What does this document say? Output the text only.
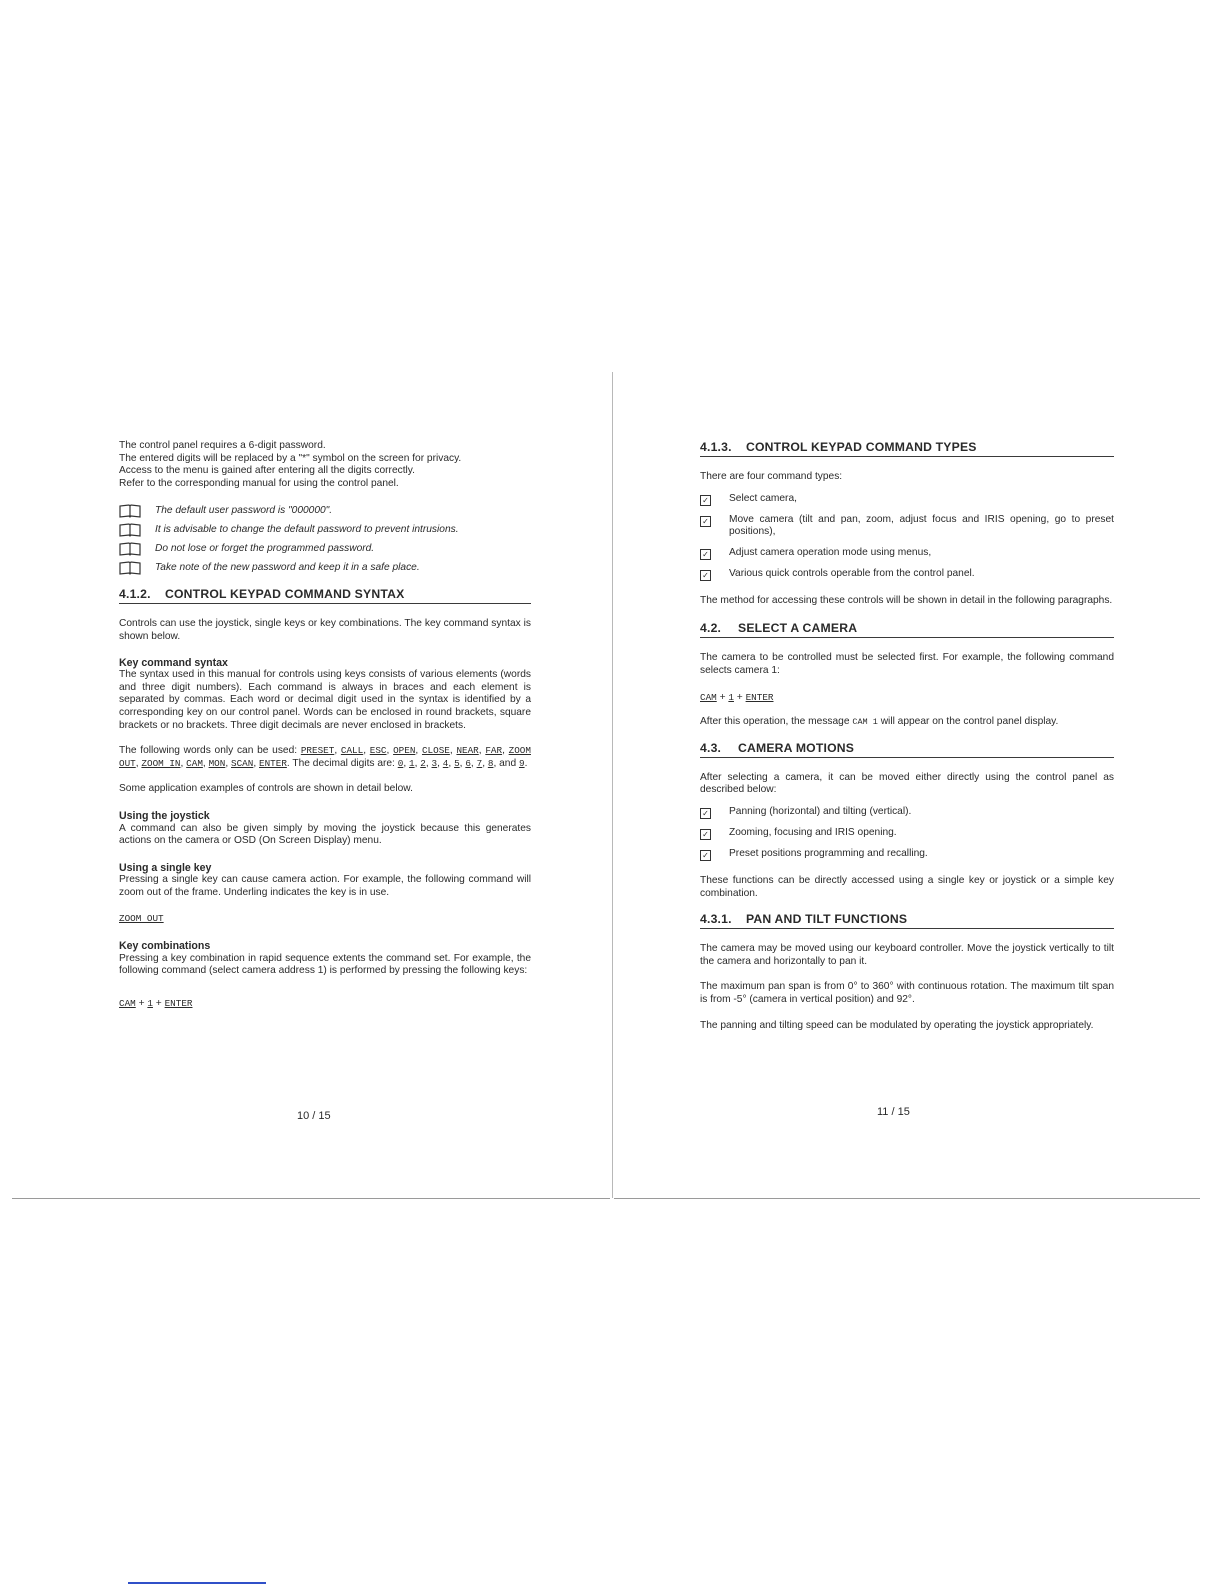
The control panel requires a 6-digit password.

The entered digits will be replaced by a "*" symbol on the screen for privacy.

Access to the menu is gained after entering all the digits correctly.

Refer to the corresponding manual for using the control panel.

The default user password is "000000".

It is advisable to change the default password to prevent intrusions.

Do not lose or forget the programmed password.

Take note of the new password and keep it in a safe place.

4.1.2. CONTROL KEYPAD COMMAND SYNTAX

Controls can use the joystick, single keys or key combinations. The key command syntax is shown below.

Key command syntax

The syntax used in this manual for controls using keys consists of various elements (words and three digit numbers). Each command is always in braces and each element is separated by commas. Each word or decimal digit used in the syntax is identified by a corresponding key on our control panel. Words can be enclosed in round brackets, square brackets or no brackets. Three digit decimals are never enclosed in brackets.

The following words only can be used: PRESET, CALL, ESC, OPEN, CLOSE, NEAR, FAR, ZOOM OUT, ZOOM IN, CAM, MON, SCAN, ENTER. The decimal digits are: 0, 1, 2, 3, 4, 5, 6, 7, 8, and 9.

Some application examples of controls are shown in detail below.

Using the joystick

A command can also be given simply by moving the joystick because this generates actions on the camera or OSD (On Screen Display) menu.

Using a single key

Pressing a single key can cause camera action. For example, the following command will zoom out of the frame. Underling indicates the key is in use.

ZOOM OUT

Key combinations

Pressing a key combination in rapid sequence extents the command set. For example, the following command (select camera address 1) is performed by pressing the following keys:

CAM + 1 + ENTER

10 / 15
4.1.3. CONTROL KEYPAD COMMAND TYPES

There are four command types:

✓ Select camera,

✓ Move camera (tilt and pan, zoom, adjust focus and IRIS opening, go to preset positions),

✓ Adjust camera operation mode using menus,

✓ Various quick controls operable from the control panel.

The method for accessing these controls will be shown in detail in the following paragraphs.

4.2. SELECT A CAMERA

The camera to be controlled must be selected first. For example, the following command selects camera 1:

CAM + 1 + ENTER

After this operation, the message CAM 1 will appear on the control panel display.

4.3. CAMERA MOTIONS

After selecting a camera, it can be moved either directly using the control panel as described below:

✓ Panning (horizontal) and tilting (vertical).

✓ Zooming, focusing and IRIS opening.

✓ Preset positions programming and recalling.

These functions can be directly accessed using a single key or joystick or a simple key combination.

4.3.1. PAN AND TILT FUNCTIONS

The camera may be moved using our keyboard controller. Move the joystick vertically to tilt the camera and horizontally to pan it.

The maximum pan span is from 0° to 360° with continuous rotation. The maximum tilt span is from -5° (camera in vertical position) and 92°.

The panning and tilting speed can be modulated by operating the joystick appropriately.

11 / 15
